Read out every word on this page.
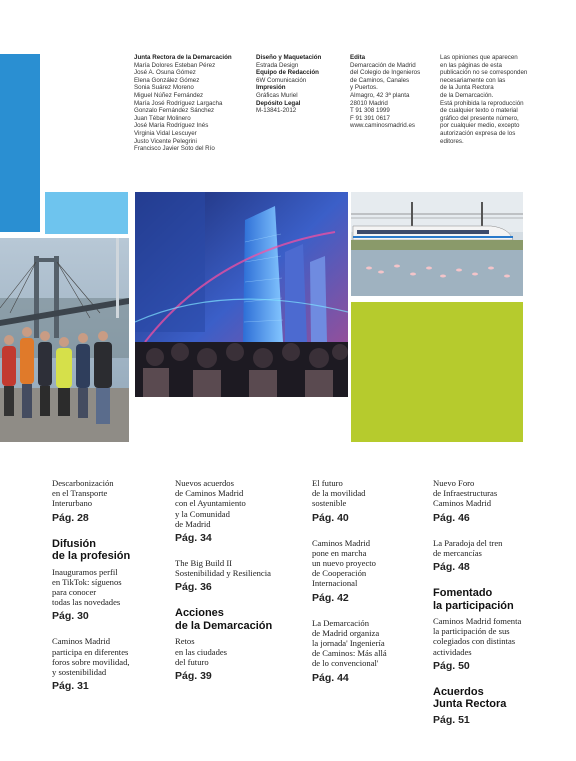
Junta Rectora de la Demarcación
María Dolores Esteban Pérez
José A. Osuna Gómez
Elena González Gómez
Sonia Suárez Moreno
Miguel Núñez Fernández
María José Rodríguez Largacha
Gonzalo Fernández Sánchez
Juan Tébar Molinero
José María Rodríguez Inés
Virginia Vidal Lescuyer
Justo Vicente Pelegrini
Francisco Javier Soto del Río
Diseño y Maquetación
Estrada Design
Equipo de Redacción
6W Comunicación
Impresión
Gráficas Muriel
Depósito Legal
M-13841-2012
Edita
Demarcación de Madrid
del Colegio de Ingenieros
de Caminos, Canales
y Puertos.
Almagro, 42 3ª planta
28010 Madrid
T 91 308 1999
F 91 391 0617
www.caminosmadrid.es
Las opiniones que aparecen
en las páginas de esta
publicación no se corresponden
necesariamente con las
de la Junta Rectora
de la Demarcación.
Está prohibida la reproducción
de cualquier texto o material
gráfico del presente número,
por cualquier medio, excepto
autorización expresa de los
editores.
Descarbonización
en el Transporte
Interurbano
Pág. 28
Difusión
de la profesión
Inauguramos perfil
en TikTok: síguenos
para conocer
todas las novedades
Pág. 30
Caminos Madrid
participa en diferentes
foros sobre movilidad,
y sostenibilidad
Pág. 31
Nuevos acuerdos
de Caminos Madrid
con el Ayuntamiento
y la Comunidad
de Madrid
Pág. 34
The Big Build II
Sostenibilidad y Resiliencia
Pág. 36
Acciones
de la Demarcación
Retos
en las ciudades
del futuro
Pág. 39
El futuro
de la movilidad
sostenible
Pág. 40
Caminos Madrid
pone en marcha
un nuevo proyecto
de Cooperación
Internacional
Pág. 42
La Demarcación
de Madrid organiza
la jornada' Ingeniería
de Caminos: Más allá
de lo convencional'
Pág. 44
Nuevo Foro
de Infraestructuras
Caminos Madrid
Pág. 46
La Paradoja del tren
de mercancías
Pág. 48
Fomentado
la participación
Caminos Madrid fomenta
la participación de sus
colegiados con distintas
actividades
Pág. 50
Acuerdos
Junta Rectora
Pág. 51
